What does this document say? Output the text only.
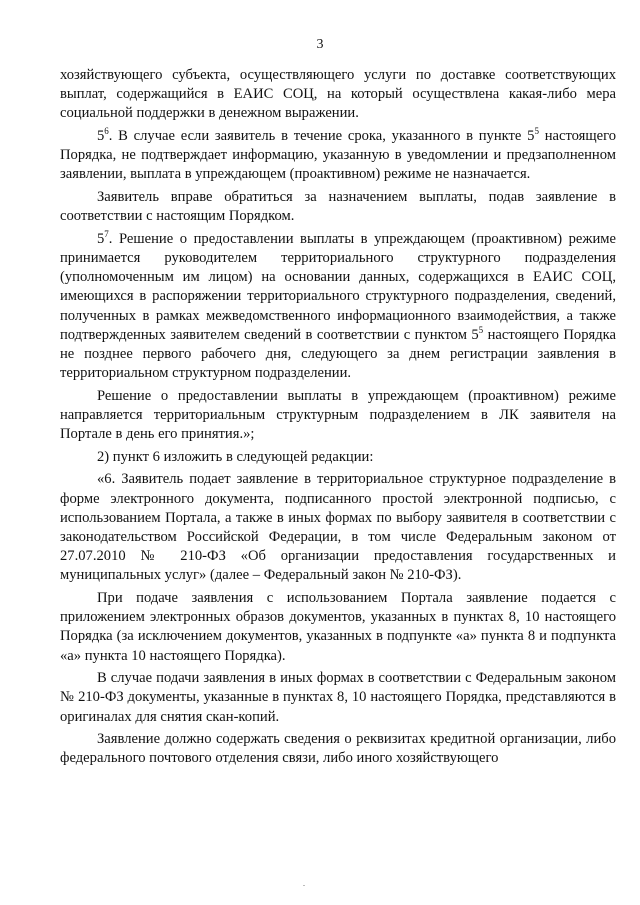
3

хозяйствующего субъекта, осуществляющего услуги по доставке соответствующих выплат, содержащийся в ЕАИС СОЦ, на который осуществлена какая-либо мера социальной поддержки в денежном выражении.

$5^6$. В случае если заявитель в течение срока, указанного в пункте $5^5$ настоящего Порядка, не подтверждает информацию, указанную в уведомлении и предзаполненном заявлении, выплата в упреждающем (проактивном) режиме не назначается.

Заявитель вправе обратиться за назначением выплаты, подав заявление в соответствии с настоящим Порядком.

$5^7$. Решение о предоставлении выплаты в упреждающем (проактивном) режиме принимается руководителем территориального структурного подразделения (уполномоченным им лицом) на основании данных, содержащихся в ЕАИС СОЦ, имеющихся в распоряжении территориального структурного подразделения, сведений, полученных в рамках межведомственного информационного взаимодействия, а также подтвержденных заявителем сведений в соответствии с пунктом $5^5$ настоящего Порядка не позднее первого рабочего дня, следующего за днем регистрации заявления в территориальном структурном подразделении.

Решение о предоставлении выплаты в упреждающем (проактивном) режиме направляется территориальным структурным подразделением в ЛК заявителя на Портале в день его принятия.»;

2) пункт 6 изложить в следующей редакции:

«6. Заявитель подает заявление в территориальное структурное подразделение в форме электронного документа, подписанного простой электронной подписью, с использованием Портала, а также в иных формах по выбору заявителя в соответствии с законодательством Российской Федерации, в том числе Федеральным законом от 27.07.2010 № 210-ФЗ «Об организации предоставления государственных и муниципальных услуг» (далее – Федеральный закон № 210-ФЗ).

При подаче заявления с использованием Портала заявление подается с приложением электронных образов документов, указанных в пунктах 8, 10 настоящего Порядка (за исключением документов, указанных в подпункте «а» пункта 8 и подпункта «а» пункта 10 настоящего Порядка).

В случае подачи заявления в иных формах в соответствии с Федеральным законом № 210-ФЗ документы, указанные в пунктах 8, 10 настоящего Порядка, представляются в оригиналах для снятия скан-копий.

Заявление должно содержать сведения о реквизитах кредитной организации, либо федерального почтового отделения связи, либо иного хозяйствующего
